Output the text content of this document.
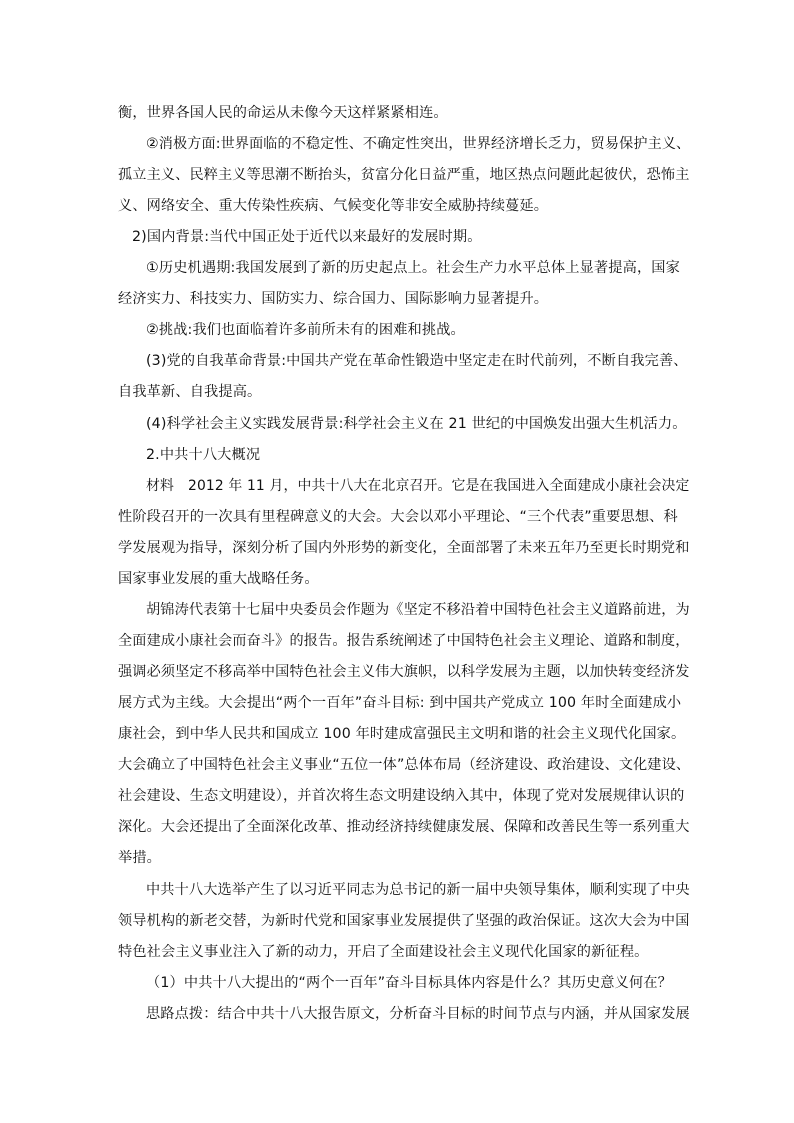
衡，世界各国人民的命运从未像今天这样紧紧相连。
②消极方面:世界面临的不稳定性、不确定性突出，世界经济增长乏力，贸易保护主义、
孤立主义、民粹主义等思潮不断抬头，贫富分化日益严重，地区热点问题此起彼伏，恐怖主
义、网络安全、重大传染性疾病、气候变化等非安全威胁持续蔓延。
2)国内背景:当代中国正处于近代以来最好的发展时期。
①历史机遇期:我国发展到了新的历史起点上。社会生产力水平总体上显著提高，国家
经济实力、科技实力、国防实力、综合国力、国际影响力显著提升。
②挑战:我们也面临着许多前所未有的困难和挑战。
(3)党的自我革命背景:中国共产党在革命性锻造中坚定走在时代前列，不断自我完善、
自我革新、自我提高。
(4)科学社会主义实践发展背景:科学社会主义在 21 世纪的中国焕发出强大生机活力。
2.中共十八大概况
材料　2012 年 11 月，中共十八大在北京召开。它是在我国进入全面建成小康社会决定
性阶段召开的一次具有里程碑意义的大会。大会以邓小平理论、“三个代表”重要思想、科
学发展观为指导，深刻分析了国内外形势的新变化，全面部署了未来五年乃至更长时期党和
国家事业发展的重大战略任务。
胡锦涛代表第十七届中央委员会作题为《坚定不移沿着中国特色社会主义道路前进，为
全面建成小康社会而奋斗》的报告。报告系统阐述了中国特色社会主义理论、道路和制度，
强调必须坚定不移高举中国特色社会主义伟大旗帜，以科学发展为主题，以加快转变经济发
展方式为主线。大会提出“两个一百年”奋斗目标: 到中国共产党成立 100 年时全面建成小
康社会，到中华人民共和国成立 100 年时建成富强民主文明和谐的社会主义现代化国家。
大会确立了中国特色社会主义事业“五位一体”总体布局（经济建设、政治建设、文化建设、
社会建设、生态文明建设），并首次将生态文明建设纳入其中，体现了党对发展规律认识的
深化。大会还提出了全面深化改革、推动经济持续健康发展、保障和改善民生等一系列重大
举措。
中共十八大选举产生了以习近平同志为总书记的新一届中央领导集体，顺利实现了中央
领导机构的新老交替，为新时代党和国家事业发展提供了坚强的政治保证。这次大会为中国
特色社会主义事业注入了新的动力，开启了全面建设社会主义现代化国家的新征程。
（1）中共十八大提出的“两个一百年”奋斗目标具体内容是什么？其历史意义何在？
思路点拨：结合中共十八大报告原文，分析奋斗目标的时间节点与内涵，并从国家发展
